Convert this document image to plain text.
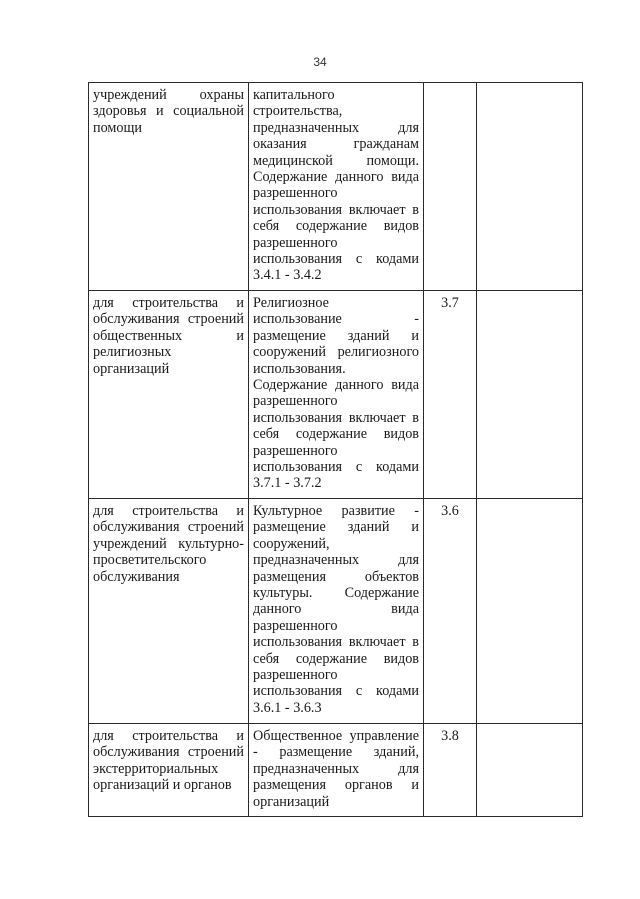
34
учреждений охраны здоровья и социальной помощи	капитального строительства, предназначенных для оказания гражданам медицинской помощи. Содержание данного вида разрешенного использования включает в себя содержание видов разрешенного использования с кодами 3.4.1 - 3.4.2		
для строительства и обслуживания строений общественных и религиозных организаций	Религиозное использование - размещение зданий и сооружений религиозного использования. Содержание данного вида разрешенного использования включает в себя содержание видов разрешенного использования с кодами 3.7.1 - 3.7.2	3.7	
для строительства и обслуживания строений учреждений культурно-просветительского обслуживания	Культурное развитие - размещение зданий и сооружений, предназначенных для размещения объектов культуры. Содержание данного вида разрешенного использования включает в себя содержание видов разрешенного использования с кодами 3.6.1 - 3.6.3	3.6	
для строительства и обслуживания строений экстерриториальных организаций и органов	Общественное управление - размещение зданий, предназначенных для размещения органов и организаций	3.8	
